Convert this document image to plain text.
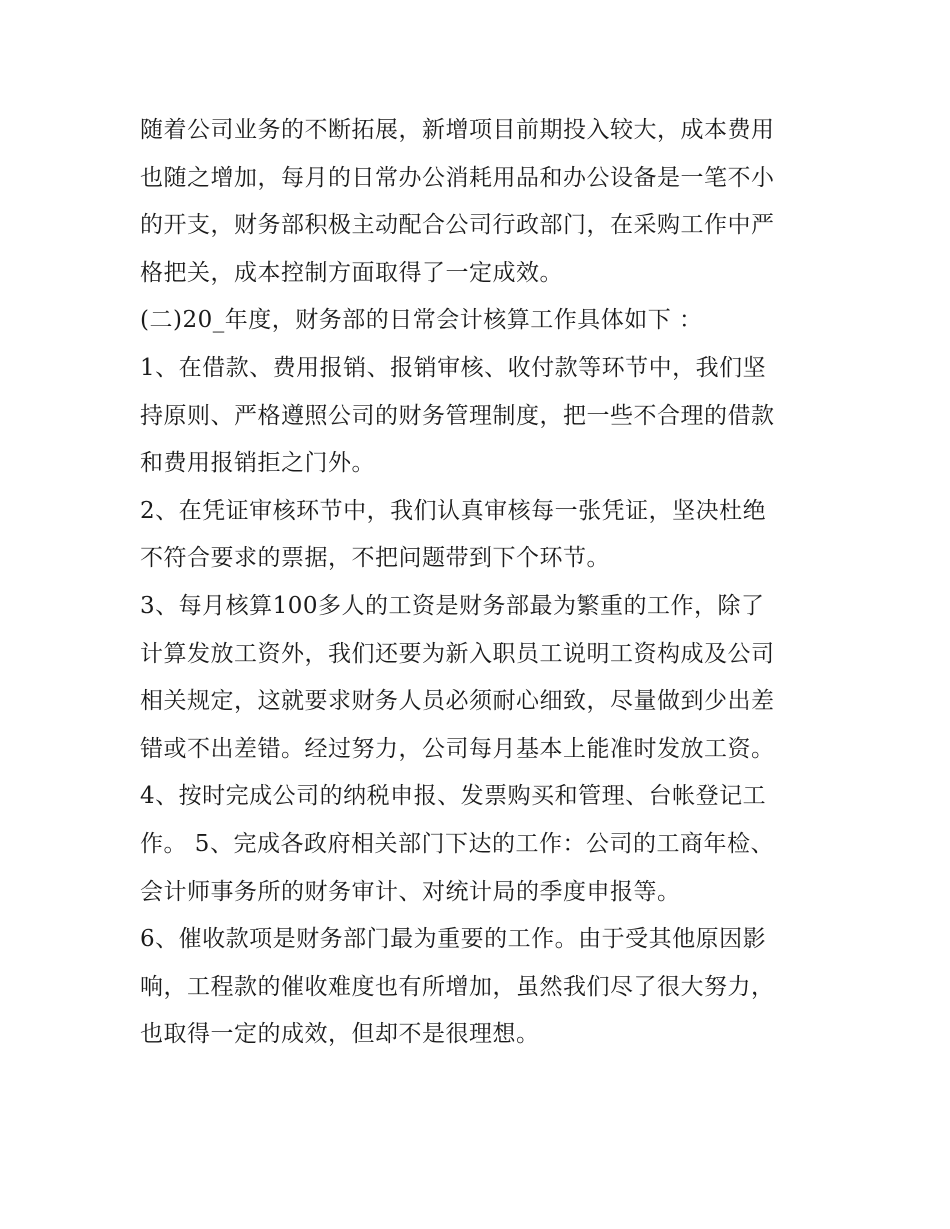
随着公司业务的不断拓展，新增项目前期投入较大，成本费用
也随之增加，每月的日常办公消耗用品和办公设备是一笔不小
的开支，财务部积极主动配合公司行政部门，在采购工作中严
格把关，成本控制方面取得了一定成效。
(二)20_年度，财务部的日常会计核算工作具体如下 ：
1、在借款、费用报销、报销审核、收付款等环节中，我们坚
持原则、严格遵照公司的财务管理制度，把一些不合理的借款
和费用报销拒之门外。
2、在凭证审核环节中，我们认真审核每一张凭证，坚决杜绝
不符合要求的票据，不把问题带到下个环节。
3、每月核算100多人的工资是财务部最为繁重的工作，除了
计算发放工资外，我们还要为新入职员工说明工资构成及公司
相关规定，这就要求财务人员必须耐心细致，尽量做到少出差
错或不出差错。经过努力，公司每月基本上能准时发放工资。
4、按时完成公司的纳税申报、发票购买和管理、台帐登记工
作。 5、完成各政府相关部门下达的工作：公司的工商年检、
会计师事务所的财务审计、对统计局的季度申报等。
6、催收款项是财务部门最为重要的工作。由于受其他原因影
响，工程款的催收难度也有所增加，虽然我们尽了很大努力，
也取得一定的成效，但却不是很理想。
